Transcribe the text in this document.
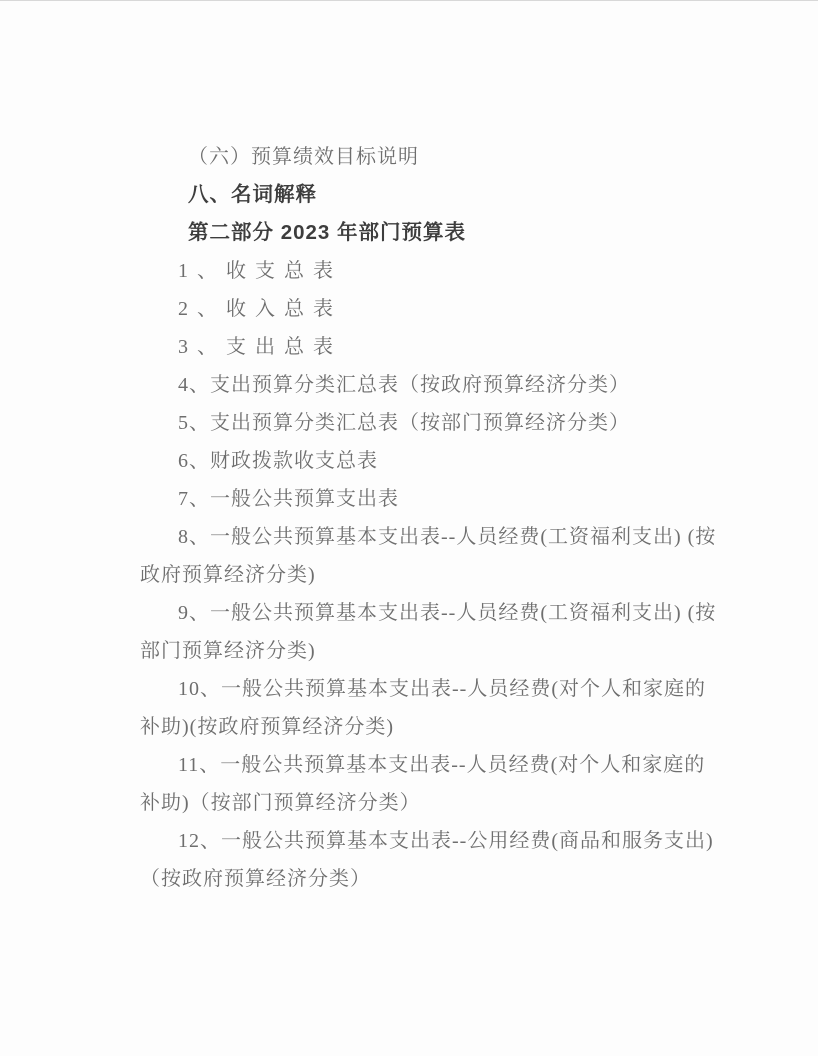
（六）预算绩效目标说明
八、名词解释
第二部分 2023 年部门预算表
1、收支总表
2、收入总表
3、支出总表
4、支出预算分类汇总表（按政府预算经济分类）
5、支出预算分类汇总表（按部门预算经济分类）
6、财政拨款收支总表
7、一般公共预算支出表
8、一般公共预算基本支出表--人员经费(工资福利支出) (按
政府预算经济分类)
9、一般公共预算基本支出表--人员经费(工资福利支出) (按
部门预算经济分类)
10、一般公共预算基本支出表--人员经费(对个人和家庭的
补助)(按政府预算经济分类)
11、一般公共预算基本支出表--人员经费(对个人和家庭的
补助)（按部门预算经济分类）
12、一般公共预算基本支出表--公用经费(商品和服务支出)
（按政府预算经济分类）
